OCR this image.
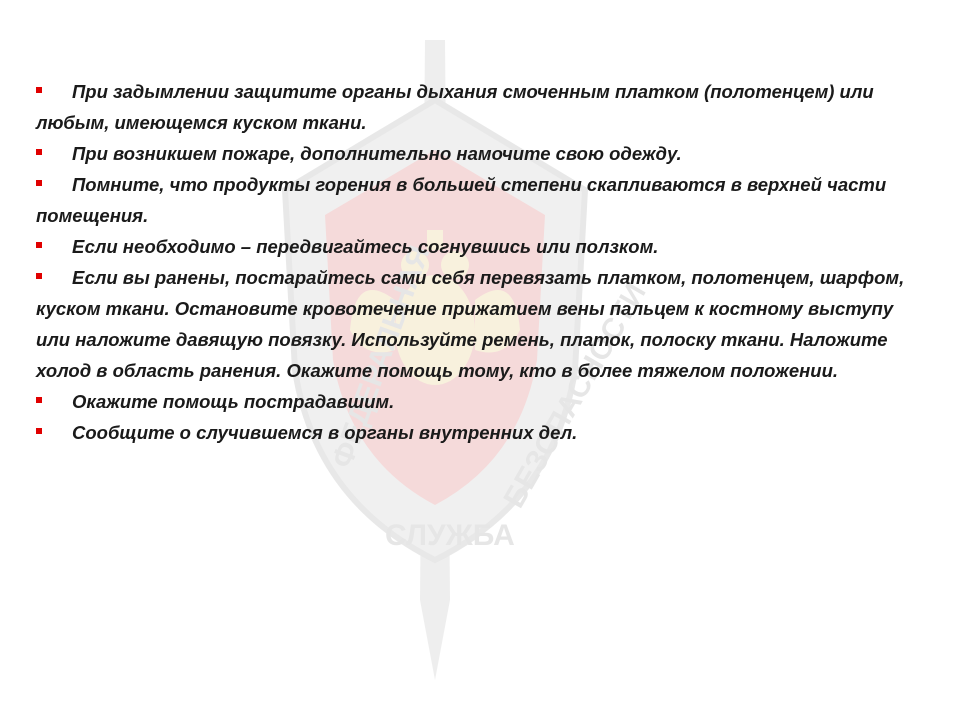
ФЕДЕРАЛЬНАЯ БЕЗОПАСНОСТИ
СЛУЖБА

При задымлении защитите органы дыхания смоченным платком (полотенцем) или любым, имеющемся куском ткани.

При возникшем пожаре, дополнительно намочите свою одежду.

Помните, что продукты горения в большей степени скапливаются в верхней части помещения.

Если необходимо – передвигайтесь согнувшись или ползком.

Если вы ранены, постарайтесь сами себя перевязать платком, полотенцем, шарфом, куском ткани. Остановите кровотечение прижатием вены пальцем к костному выступу или наложите давящую повязку. Используйте ремень, платок, полоску ткани. Наложите холод в область ранения. Окажите помощь тому, кто в более тяжелом положении.

Окажите помощь пострадавшим.

Сообщите о случившемся в органы внутренних дел.
